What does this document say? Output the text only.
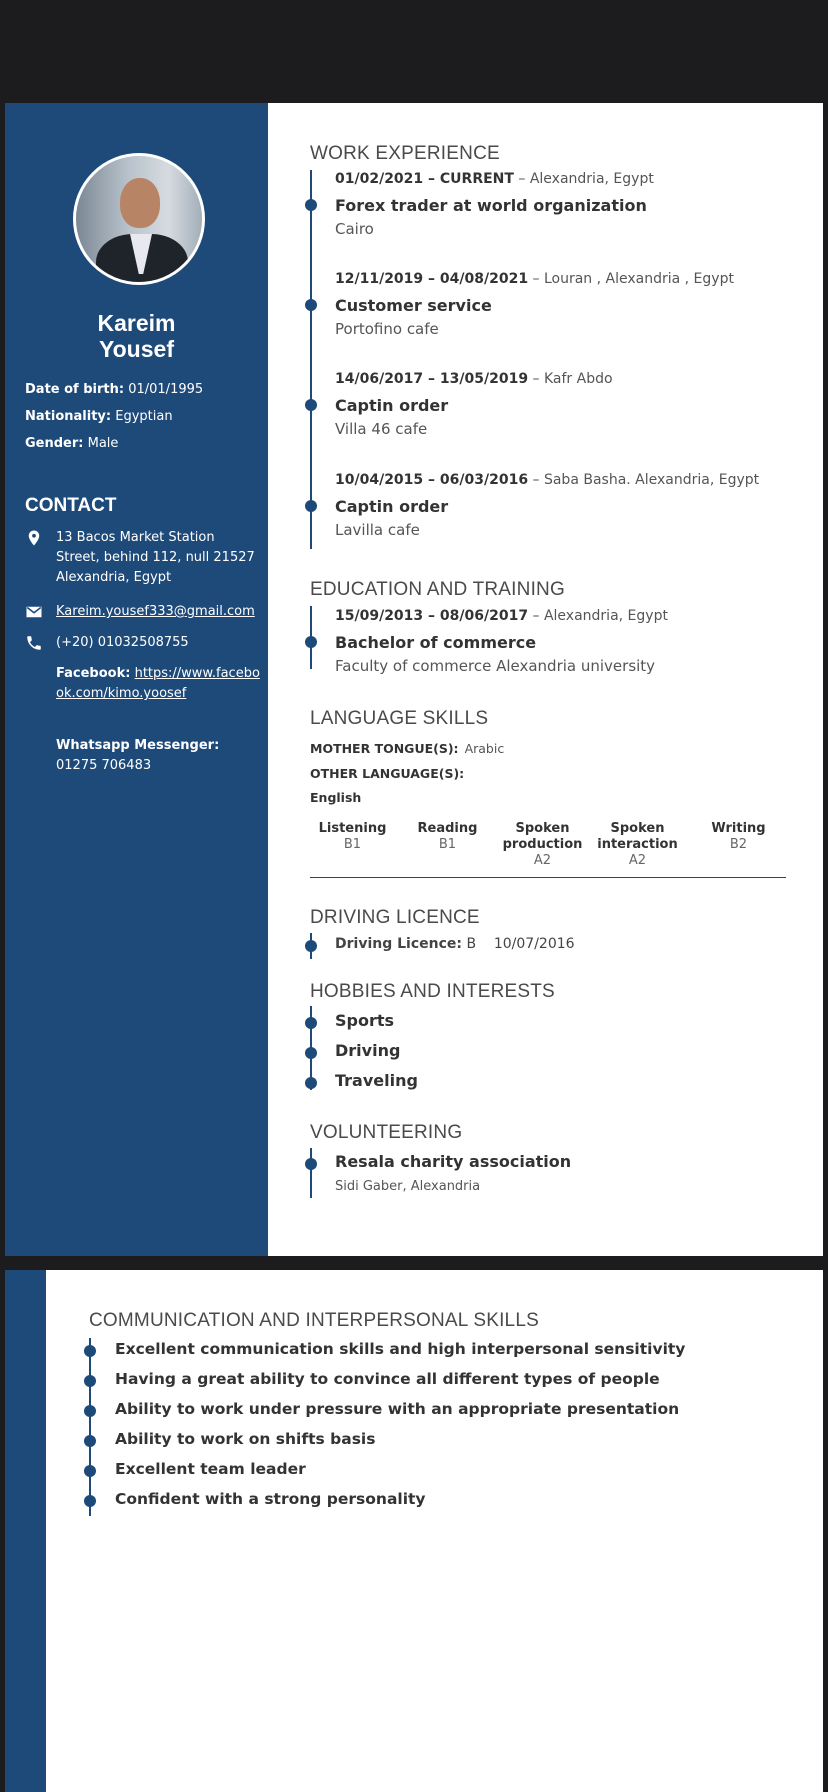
Kareim
Yousef
Date of birth: 01/01/1995
Nationality: Egyptian
Gender: Male
CONTACT
13 Bacos Market Station Street, behind 112, null 21527 Alexandria, Egypt
Kareim.yousef333@gmail.com
(+20) 01032508755
Facebook: https://www.facebook.com/kimo.yoosef
Whatsapp Messenger: 01275 706483
WORK EXPERIENCE
01/02/2021 – CURRENT – Alexandria, Egypt
Forex trader at world organization
Cairo
12/11/2019 – 04/08/2021 – Louran , Alexandria , Egypt
Customer service
Portofino cafe
14/06/2017 – 13/05/2019 – Kafr Abdo
Captin order
Villa 46 cafe
10/04/2015 – 06/03/2016 – Saba Basha. Alexandria, Egypt
Captin order
Lavilla cafe
EDUCATION AND TRAINING
15/09/2013 – 08/06/2017 – Alexandria, Egypt
Bachelor of commerce
Faculty of commerce Alexandria university
LANGUAGE SKILLS
MOTHER TONGUE(S): Arabic
OTHER LANGUAGE(S):
English
Listening
B1
Reading
B1
Spoken
production
A2
Spoken
interaction
A2
Writing
B2
DRIVING LICENCE
Driving Licence: B 10/07/2016
HOBBIES AND INTERESTS
Sports
Driving
Traveling
VOLUNTEERING
Resala charity association
Sidi Gaber, Alexandria
COMMUNICATION AND INTERPERSONAL SKILLS
Excellent communication skills and high interpersonal sensitivity
Having a great ability to convince all different types of people
Ability to work under pressure with an appropriate presentation
Ability to work on shifts basis
Excellent team leader
Confident with a strong personality
